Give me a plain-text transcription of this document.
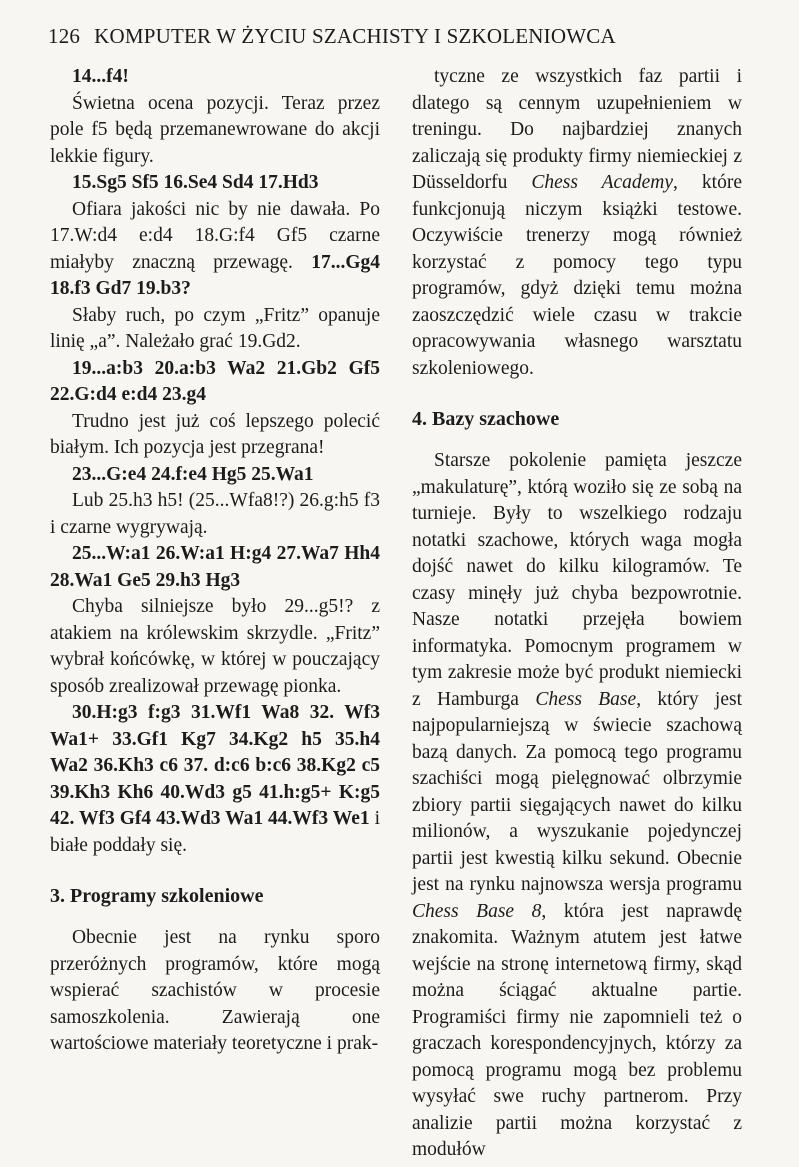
126 KOMPUTER W ŻYCIU SZACHISTY I SZKOLENIOWCA

14...f4!

Świetna ocena pozycji. Teraz przez pole f5 będą przemanewrowane do akcji lekkie figury.

15.Sg5 Sf5 16.Se4 Sd4 17.Hd3

Ofiara jakości nic by nie dawała. Po 17.W:d4 e:d4 18.G:f4 Gf5 czarne miałyby znaczną przewagę. 17...Gg4 18.f3 Gd7 19.b3?

Słaby ruch, po czym „Fritz” opanuje linię „a”. Należało grać 19.Gd2.

19...a:b3 20.a:b3 Wa2 21.Gb2 Gf5 22.G:d4 e:d4 23.g4

Trudno jest już coś lepszego polecić białym. Ich pozycja jest przegrana!

23...G:e4 24.f:e4 Hg5 25.Wa1

Lub 25.h3 h5! (25...Wfa8!?) 26.g:h5 f3 i czarne wygrywają.

25...W:a1 26.W:a1 H:g4 27.Wa7 Hh4 28.Wa1 Ge5 29.h3 Hg3

Chyba silniejsze było 29...g5!? z atakiem na królewskim skrzydle. „Fritz” wybrał końcówkę, w której w pouczający sposób zrealizował przewagę pionka.

30.H:g3 f:g3 31.Wf1 Wa8 32. Wf3 Wa1+ 33.Gf1 Kg7 34.Kg2 h5 35.h4 Wa2 36.Kh3 c6 37. d:c6 b:c6 38.Kg2 c5 39.Kh3 Kh6 40.Wd3 g5 41.h:g5+ K:g5 42. Wf3 Gf4 43.Wd3 Wa1 44.Wf3 We1 i białe poddały się.

3. Programy szkoleniowe

Obecnie jest na rynku sporo przeróżnych programów, które mogą wspierać szachistów w procesie samoszkolenia. Zawierają one wartościowe materiały teoretyczne i prak-

tyczne ze wszystkich faz partii i dlatego są cennym uzupełnieniem w treningu. Do najbardziej znanych zaliczają się produkty firmy niemieckiej z Düsseldorfu Chess Academy, które funkcjonują niczym książki testowe. Oczywiście trenerzy mogą również korzystać z pomocy tego typu programów, gdyż dzięki temu można zaoszczędzić wiele czasu w trakcie opracowywania własnego warsztatu szkoleniowego.

4. Bazy szachowe

Starsze pokolenie pamięta jeszcze „makulaturę”, którą woziło się ze sobą na turnieje. Były to wszelkiego rodzaju notatki szachowe, których waga mogła dojść nawet do kilku kilogramów. Te czasy minęły już chyba bezpowrotnie. Nasze notatki przejęła bowiem informatyka. Pomocnym programem w tym zakresie może być produkt niemiecki z Hamburga Chess Base, który jest najpopularniejszą w świecie szachową bazą danych. Za pomocą tego programu szachiści mogą pielęgnować olbrzymie zbiory partii sięgających nawet do kilku milionów, a wyszukanie pojedynczej partii jest kwestią kilku sekund. Obecnie jest na rynku najnowsza wersja programu Chess Base 8, która jest naprawdę znakomita. Ważnym atutem jest łatwe wejście na stronę internetową firmy, skąd można ściągać aktualne partie. Programiści firmy nie zapomnieli też o graczach korespondencyjnych, którzy za pomocą programu mogą bez problemu wysyłać swe ruchy partnerom. Przy analizie partii można korzystać z modułów
